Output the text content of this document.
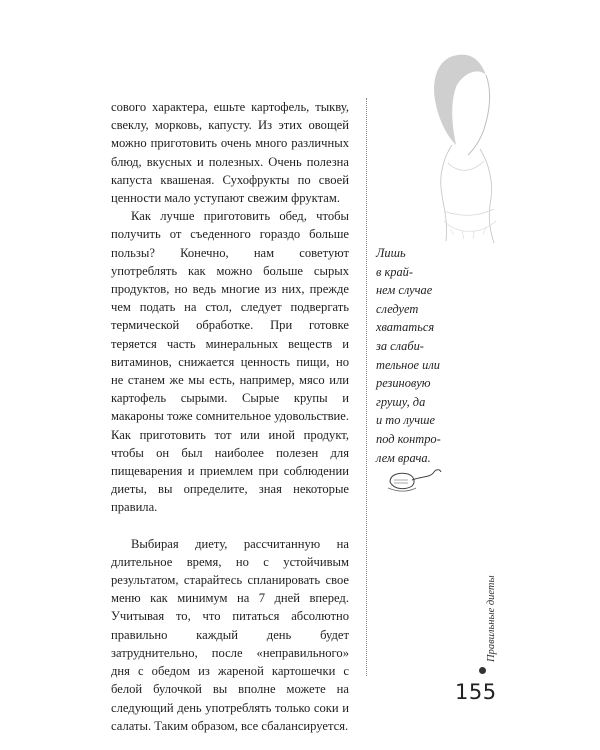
сового характера, ешьте картофель, тыкву, свеклу, морковь, капусту. Из этих овощей можно приготовить очень много различных блюд, вкусных и полезных. Очень полезна капуста квашеная. Сухофрукты по своей ценности мало уступают свежим фруктам.

Как лучше приготовить обед, чтобы получить от съеденного гораздо больше пользы? Конечно, нам советуют употреблять как можно больше сырых продуктов, но ведь многие из них, прежде чем подать на стол, следует подвергать термической обработке. При готовке теряется часть минеральных веществ и витаминов, снижается ценность пищи, но не станем же мы есть, например, мясо или картофель сырыми. Сырые крупы и макароны тоже сомнительное удовольствие. Как приготовить тот или иной продукт, чтобы он был наиболее полезен для пищеварения и приемлем при соблюдении диеты, вы определите, зная некоторые правила.

Выбирая диету, рассчитанную на длительное время, но с устойчивым результатом, старайтесь спланировать свое меню как минимум на 7 дней вперед. Учитывая то, что питаться абсолютно правильно каждый день будет затруднительно, после «неправильного» дня с обедом из жареной картошечки с белой булочкой вы вполне можете на следующий день употреблять только соки и салаты. Таким образом, все сбалансируется.

Лишь
в край-
нем случае
следует
хвататься
за слаби-
тельное или
резиновую
грушу, да
и то лучше
под контро-
лем врача.
Правильные диеты
155
